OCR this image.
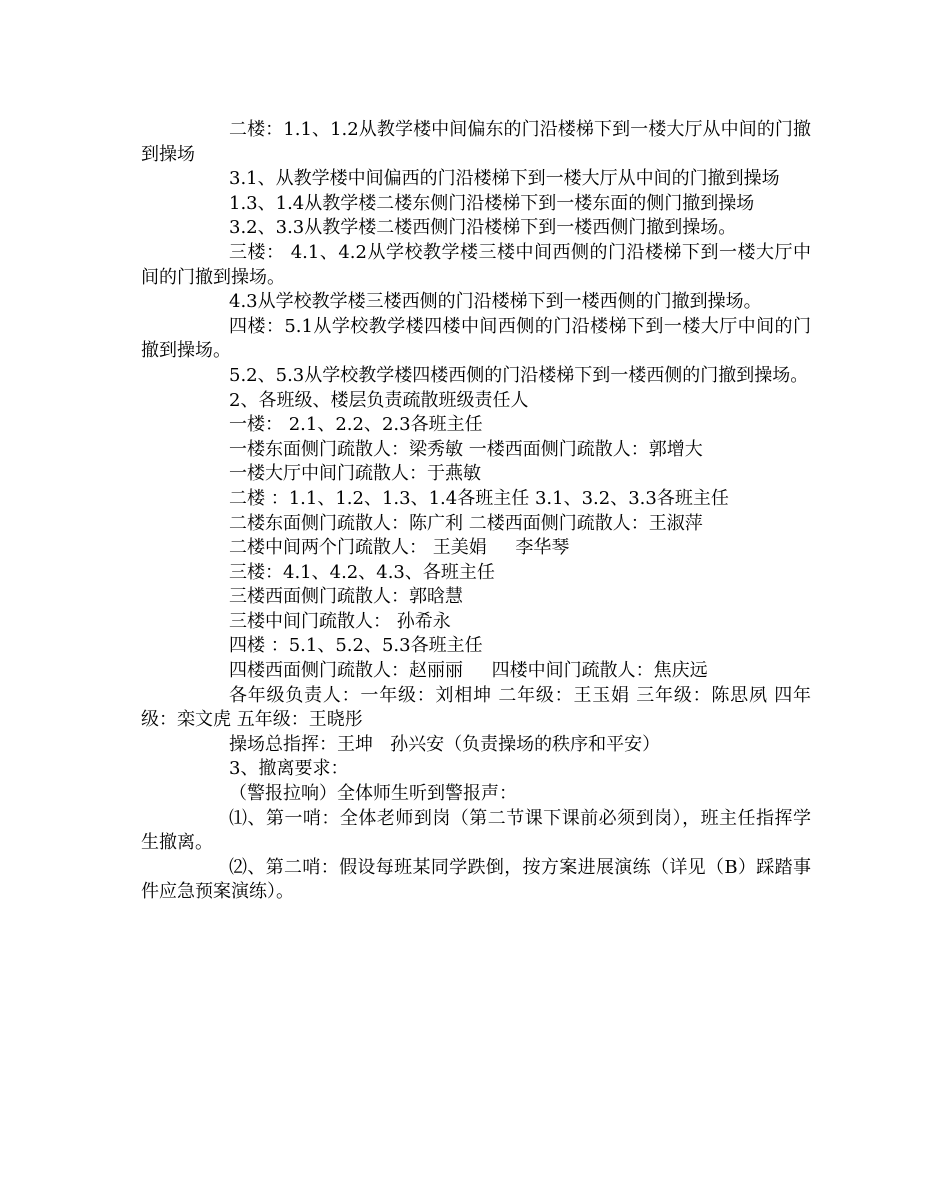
二楼：1.1、1.2从教学楼中间偏东的门沿楼梯下到一楼大厅从中间的门撤到操场

3.1、从教学楼中间偏西的门沿楼梯下到一楼大厅从中间的门撤到操场

1.3、1.4从教学楼二楼东侧门沿楼梯下到一楼东面的侧门撤到操场

3.2、3.3从教学楼二楼西侧门沿楼梯下到一楼西侧门撤到操场。

三楼： 4.1、4.2从学校教学楼三楼中间西侧的门沿楼梯下到一楼大厅中间的门撤到操场。

4.3从学校教学楼三楼西侧的门沿楼梯下到一楼西侧的门撤到操场。

四楼：5.1从学校教学楼四楼中间西侧的门沿楼梯下到一楼大厅中间的门撤到操场。

5.2、5.3从学校教学楼四楼西侧的门沿楼梯下到一楼西侧的门撤到操场。

2、各班级、楼层负责疏散班级责任人

一楼： 2.1、2.2、2.3各班主任

一楼东面侧门疏散人：梁秀敏 一楼西面侧门疏散人：郭增大

一楼大厅中间门疏散人：于燕敏

二楼 ：1.1、1.2、1.3、1.4各班主任 3.1、3.2、3.3各班主任

二楼东面侧门疏散人：陈广利 二楼西面侧门疏散人：王淑萍

二楼中间两个门疏散人： 王美娟     李华琴

三楼：4.1、4.2、4.3、各班主任

三楼西面侧门疏散人：郭晗慧

三楼中间门疏散人： 孙希永

四楼 ：5.1、5.2、5.3各班主任

四楼西面侧门疏散人：赵丽丽     四楼中间门疏散人：焦庆远

各年级负责人：一年级：刘相坤 二年级：王玉娟 三年级：陈思夙 四年级：栾文虎 五年级：王晓彤

操场总指挥：王坤   孙兴安（负责操场的秩序和平安）

3、撤离要求：

（警报拉响）全体师生听到警报声：

⑴、第一哨：全体老师到岗（第二节课下课前必须到岗），班主任指挥学生撤离。

⑵、第二哨：假设每班某同学跌倒，按方案进展演练（详见（B）踩踏事件应急预案演练）。
